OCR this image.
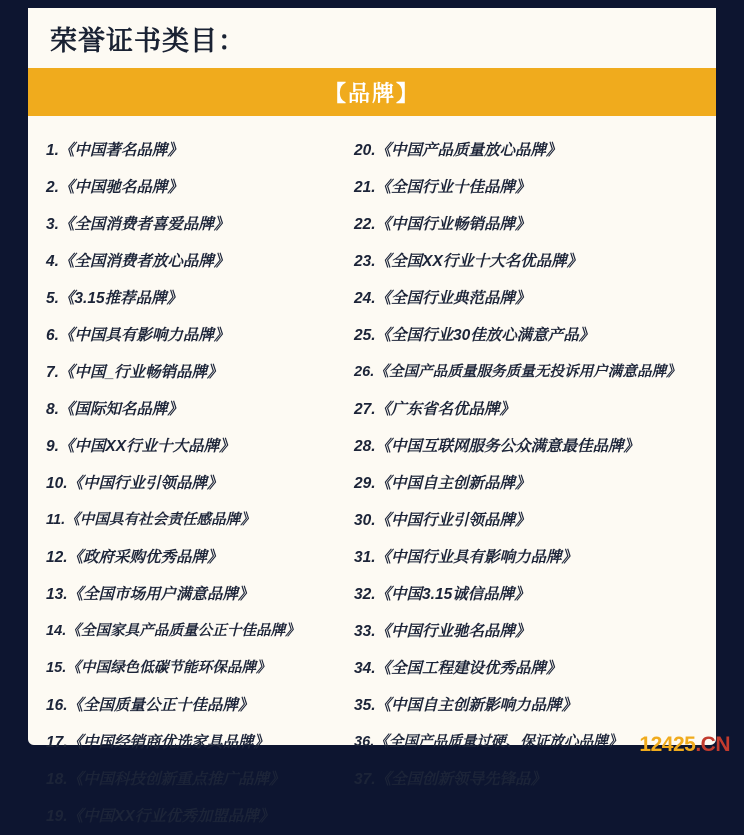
荣誉证书类目：
【品牌】
1.《中国著名品牌》
2.《中国驰名品牌》
3.《全国消费者喜爱品牌》
4.《全国消费者放心品牌》
5.《3.15推荐品牌》
6.《中国具有影响力品牌》
7.《中国_行业畅销品牌》
8.《国际知名品牌》
9.《中国XX行业十大品牌》
10.《中国行业引领品牌》
11.《中国具有社会责任感品牌》
12.《政府采购优秀品牌》
13.《全国市场用户满意品牌》
14.《全国家具产品质量公正十佳品牌》
15.《中国绿色低碳节能环保品牌》
16.《全国质量公正十佳品牌》
17.《中国经销商优选家具品牌》
18.《中国科技创新重点推广品牌》
19.《中国XX行业优秀加盟品牌》
20.《中国产品质量放心品牌》
21.《全国行业十佳品牌》
22.《中国行业畅销品牌》
23.《全国XX行业十大名优品牌》
24.《全国行业典范品牌》
25.《全国行业30佳放心满意产品》
26.《全国产品质量服务质量无投诉用户满意品牌》
27.《广东省名优品牌》
28.《中国互联网服务公众满意最佳品牌》
29.《中国自主创新品牌》
30.《中国行业引领品牌》
31.《中国行业具有影响力品牌》
32.《中国3.15诚信品牌》
33.《中国行业驰名品牌》
34.《全国工程建设优秀品牌》
35.《中国自主创新影响力品牌》
36.《全国产品质量过硬、保证放心品牌》
37.《全国创新领导先锋品》
12425 .CN
